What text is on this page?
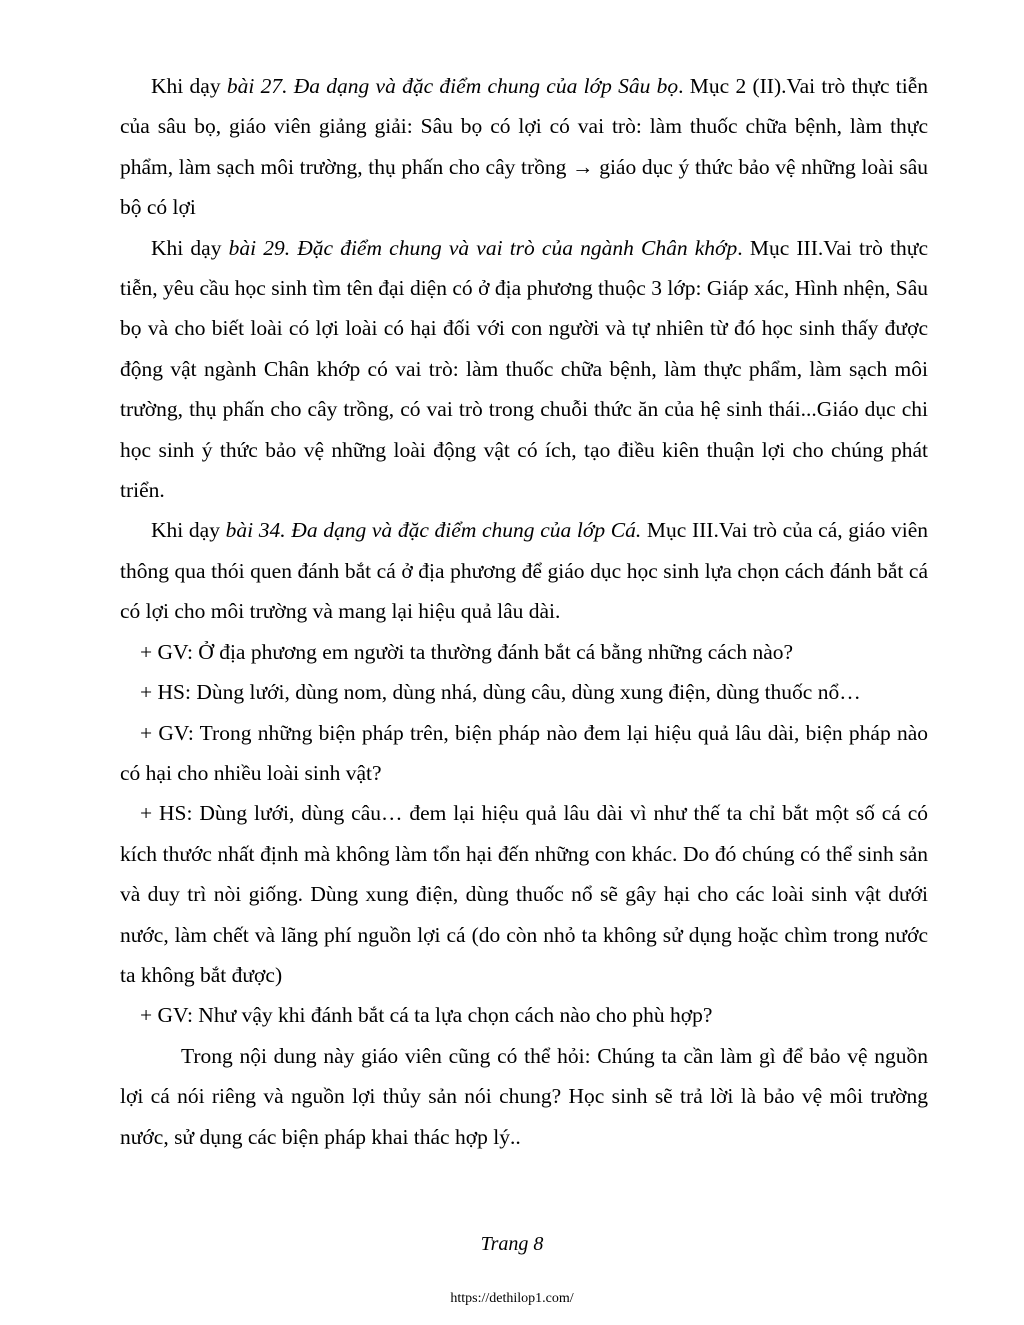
Khi dạy bài 27. Đa dạng và đặc điểm chung của lớp Sâu bọ. Mục 2 (II).Vai trò thực tiễn của sâu bọ, giáo viên giảng giải: Sâu bọ có lợi có vai trò: làm thuốc chữa bệnh, làm thực phẩm, làm sạch môi trường, thụ phấn cho cây trồng → giáo dục ý thức bảo vệ những loài sâu bộ có lợi

Khi dạy bài 29. Đặc điểm chung và vai trò của ngành Chân khớp. Mục III.Vai trò thực tiễn, yêu cầu học sinh tìm tên đại diện có ở địa phương thuộc 3 lớp: Giáp xác, Hình nhện, Sâu bọ và cho biết loài có lợi loài có hại đối với con người và tự nhiên từ đó học sinh thấy được động vật ngành Chân khớp có vai trò: làm thuốc chữa bệnh, làm thực phẩm, làm sạch môi trường, thụ phấn cho cây trồng, có vai trò trong chuỗi thức ăn của hệ sinh thái...Giáo dục chi học sinh ý thức bảo vệ những loài động vật có ích, tạo điều kiên thuận lợi cho chúng phát triển.

Khi dạy bài 34. Đa dạng và đặc điểm chung của lớp Cá. Mục III.Vai trò của cá, giáo viên thông qua thói quen đánh bắt cá ở địa phương để giáo dục học sinh lựa chọn cách đánh bắt cá có lợi cho môi trường và mang lại hiệu quả lâu dài.

+ GV: Ở địa phương em người ta thường đánh bắt cá bằng những cách nào?

+ HS: Dùng lưới, dùng nom, dùng nhá, dùng câu, dùng xung điện, dùng thuốc nổ…

+ GV: Trong những biện pháp trên, biện pháp nào đem lại hiệu quả lâu dài, biện pháp nào có hại cho nhiều loài sinh vật?

+ HS: Dùng lưới, dùng câu… đem lại hiệu quả lâu dài vì như thế ta chỉ bắt một số cá có kích thước nhất định mà không làm tổn hại đến những con khác. Do đó chúng có thể sinh sản và duy trì nòi giống. Dùng xung điện, dùng thuốc nổ sẽ gây hại cho các loài sinh vật dưới nước, làm chết và lãng phí nguồn lợi cá (do còn nhỏ ta không sử dụng hoặc chìm trong nước ta không bắt được)

+ GV: Như vậy khi đánh bắt cá ta lựa chọn cách nào cho phù hợp?

Trong nội dung này giáo viên cũng có thể hỏi: Chúng ta cần làm gì để bảo vệ nguồn lợi cá nói riêng và nguồn lợi thủy sản nói chung? Học sinh sẽ trả lời là bảo vệ môi trường nước, sử dụng các biện pháp khai thác hợp lý..

Trang 8
https://dethilop1.com/
